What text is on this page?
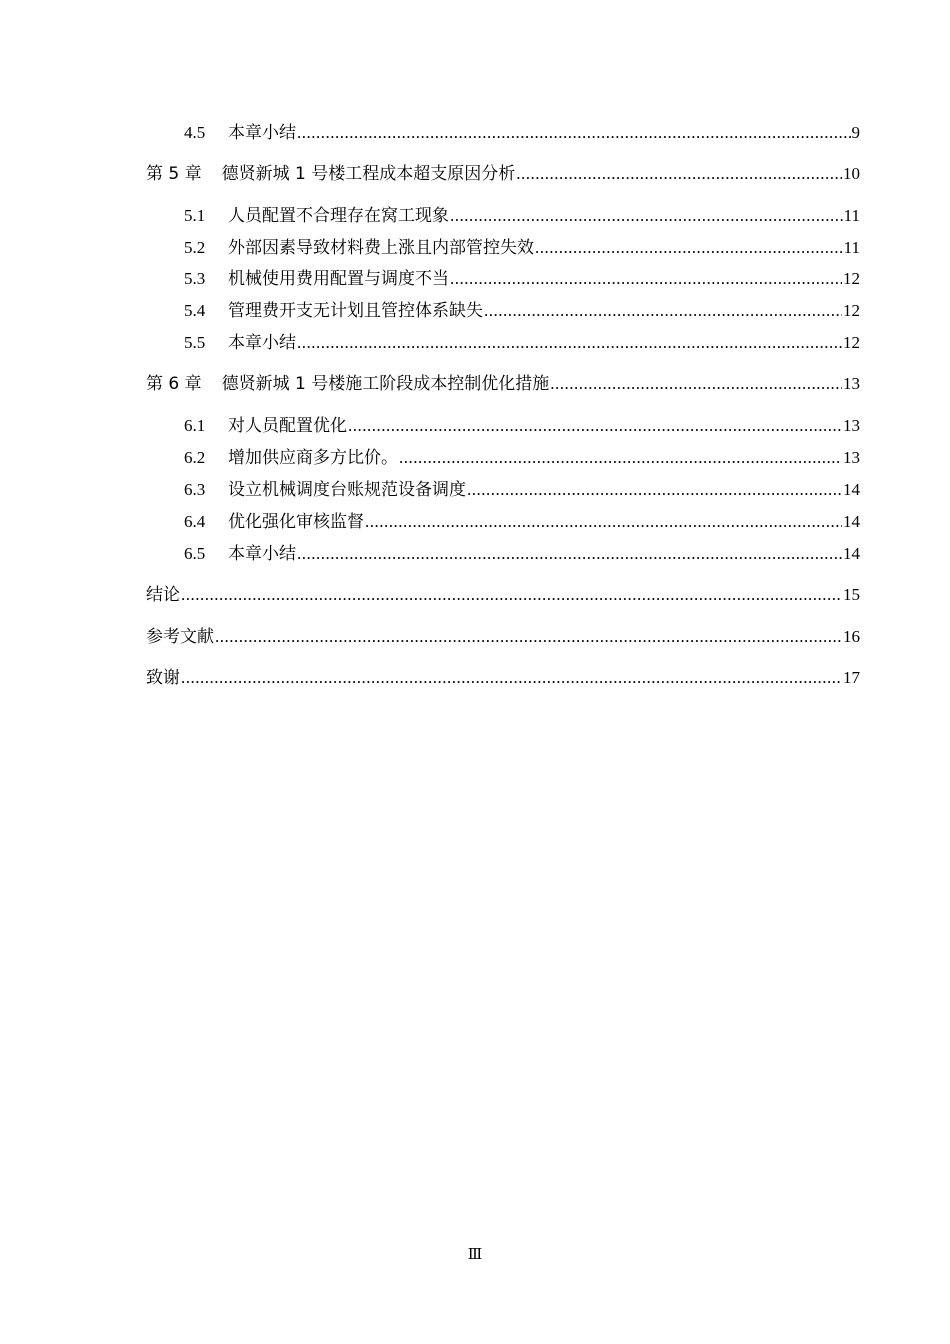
4.5	本章小结 .....	9
第 5 章 德贤新城 1 号楼工程成本超支原因分析 .....	10
5.1	人员配置不合理存在窝工现象 .....	11
5.2	外部因素导致材料费上涨且内部管控失效 .....	11
5.3	机械使用费用配置与调度不当 .....	12
5.4	管理费开支无计划且管控体系缺失 .....	12
5.5	本章小结 .....	12
第 6 章 德贤新城 1 号楼施工阶段成本控制优化措施 .....	13
6.1	对人员配置优化 .....	13
6.2	增加供应商多方比价。 .....	13
6.3	设立机械调度台账规范设备调度 .....	14
6.4	优化强化审核监督 .....	14
6.5	本章小结 .....	14
结论 .....	15
参考文献 .....	16
致谢 .....	17
Ⅲ
